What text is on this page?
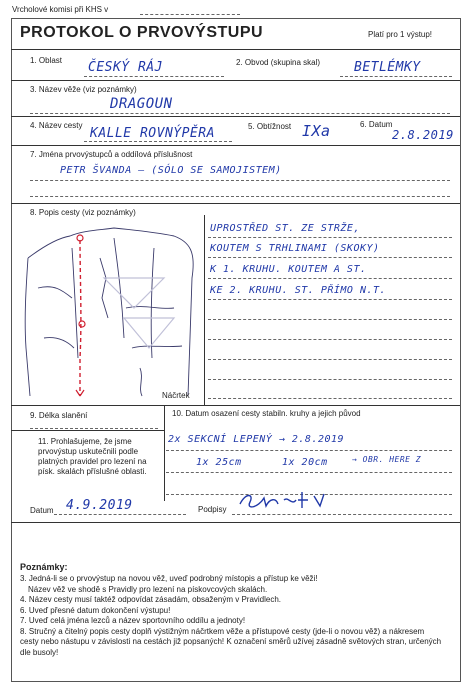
Vrcholové komisi při KHS v
PROTOKOL O PRVOVÝSTUPU	Platí pro 1 výstup!
1. Oblast ČESKÝ RÁJ	2. Obvod (skupina skal)	BETLÉMKY
3. Název věže (viz poznámky)
DRAGOUN
4. Název cesty
KALLE ROVNÝPĚRA	5. Obtížnost IXa	6. Datum
2.8.2019
7. Jména prvovýstupců a oddílová příslušnost
PETR ŠVANDA – (SÓLO SE SAMOJISTEM)
8. Popis cesty (viz poznámky)
Náčrtek
UPROSTŘED ST. ZE STRŽE,
KOUTEM S TRHLINAMI (SKOKY)
K 1. KRUHU. KOUTEM A ST.
KE 2. KRUHU. ST. PŘÍMO N.T.
9. Délka slanění	10. Datum osazení cesty stabiln. kruhy a jejich původ
2x SEKCNÍ LEPENÝ → 2.8.2019
1x 25cm	1x 20cm	→ OBR. HERE Z
11. Prohlašujeme, že jsme prvovýstup uskutečnili podle platných pravidel pro lezení na písk. skalách příslušné oblasti.
Datum 4.9.2019	Podpisy
Poznámky:
3. Jedná-li se o prvovýstup na novou věž, uveď podrobný místopis a přístup ke věži!
Název věž ve shodě s Pravidly pro lezení na pískovcových skalách.
4. Název cesty musí taktéž odpovídat zásadám, obsaženým v Pravidlech.
6. Uveď přesné datum dokončení výstupu!
7. Uveď celá jména lezců a název sportovního oddílu a jednoty!
8. Stručný a čitelný popis cesty doplň výstižným náčrtkem věže a přístupové cesty (jde-li o novou věž) a nákresem cesty nebo nástupu v závislosti na cestách již popsaných! K označení směrů užívej zásadně světových stran, určených dle busoly!
